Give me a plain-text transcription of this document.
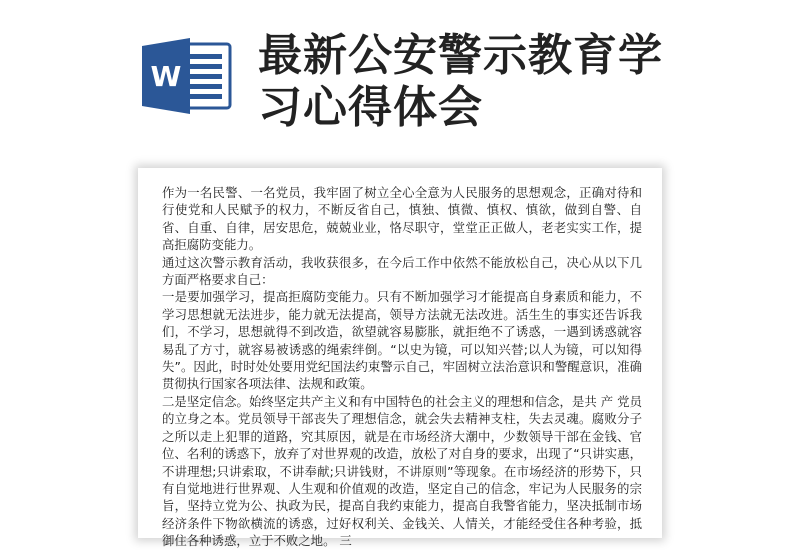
W 最新公安警示教育学
习心得体会

作为一名民警、一名党员，我牢固了树立全心全意为人民服务的思想观念，正确对待和行使党和人民赋予的权力，不断反省自己，慎独、慎微、慎权、慎欲，做到自警、自省、自重、自律，居安思危，兢兢业业，恪尽职守，堂堂正正做人，老老实实工作，提高拒腐防变能力。

通过这次警示教育活动，我收获很多，在今后工作中依然不能放松自己，决心从以下几方面严格要求自己：

一是要加强学习，提高拒腐防变能力。只有不断加强学习才能提高自身素质和能力，不学习思想就无法进步，能力就无法提高，领导方法就无法改进。活生生的事实还告诉我们，不学习，思想就得不到改造，欲望就容易膨胀，就拒绝不了诱惑，一遇到诱惑就容易乱了方寸，就容易被诱惑的绳索绊倒。“以史为镜，可以知兴替;以人为镜，可以知得失”。因此，时时处处要用党纪国法约束警示自己，牢固树立法治意识和警醒意识，准确贯彻执行国家各项法律、法规和政策。

二是坚定信念。始终坚定共产主义和有中国特色的社会主义的理想和信念，是共 产 党员的立身之本。党员领导干部丧失了理想信念，就会失去精神支柱，失去灵魂。腐败分子之所以走上犯罪的道路，究其原因，就是在市场经济大潮中，少数领导干部在金钱、官位、名利的诱惑下，放弃了对世界观的改造，放松了对自身的要求，出现了“只讲实惠，不讲理想;只讲索取，不讲奉献;只讲钱财，不讲原则”等现象。在市场经济的形势下，只有自觉地进行世界观、人生观和价值观的改造，坚定自己的信念，牢记为人民服务的宗旨，坚持立党为公、执政为民，提高自我约束能力，提高自我警省能力，坚决抵制市场经济条件下物欲横流的诱惑，过好权利关、金钱关、人情关，才能经受住各种考验，抵御住各种诱惑，立于不败之地。 三
